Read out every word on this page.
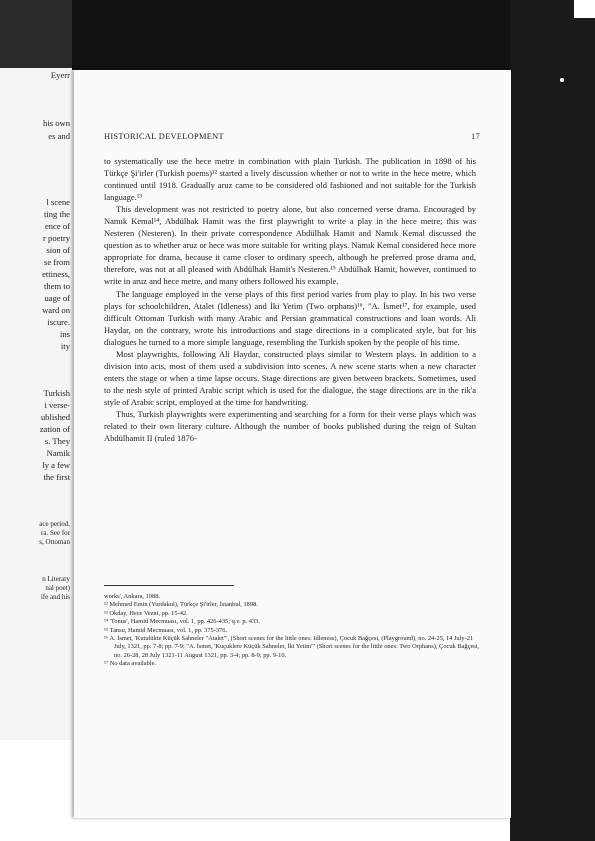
Eyerr
his own
es and
l scene
ting the
ence of
r poetry
sion of
se from
ettiness,
them to
uage of
ward on
iscure.
ins
ity
Turkish
i verse-
ublished
zation of
s. They
Namik
ly a few
the first
ace period,
ra. See for
s, Ottoman
n Literary
nal poet)
ife and his
HISTORICAL DEVELOPMENT	17

to systematically use the hece metre in combination with plain Turkish. The publication in 1898 of his Türkçe Şi'irler (Turkish poems)¹² started a lively discussion whether or not to write in the hece metre, which continued until 1918. Gradually aruz came to be considered old fashioned and not suitable for the Turkish language.¹³

This development was not restricted to poetry alone, but also concerned verse drama. Encouraged by Namık Kemal¹⁴, Abdülhak Hamit was the first playwright to write a play in the hece metre; this was Nesteren (Nesteren). In their private correspondence Abdülhak Hamit and Namık Kemal discussed the question as to whether aruz or hece was more suitable for writing plays. Namık Kemal considered hece more appropriate for drama, because it came closer to ordinary speech, although he preferred prose drama and, therefore, was not at all pleased with Abdülhak Hamit's Nesteren.¹⁵ Abdülhak Hamit, however, continued to write in aruz and hece metre, and many others followed his example.

The language employed in the verse plays of this first period varies from play to play. In his two verse plays for schoolchildren, Atalet (Idleness) and İki Yetim (Two orphans)¹⁶, "A. İsmet¹⁷, for example, used difficult Ottoman Turkish with many Arabic and Persian grammatical constructions and loan words. Ali Haydar, on the contrary, wrote his introductions and stage directions in a complicated style, but for his dialogues he turned to a more simple language, resembling the Turkish spoken by the people of his time.

Most playwrights, following Ali Haydar, constructed plays similar to Western plays. In addition to a division into acts, most of them used a subdivision into scenes. A new scene starts when a new character enters the stage or when a time lapse occurs. Stage directions are given between brackets. Sometimes, used to the nesh style of printed Arabic script which is used for the dialogue, the stage directions are in the rik'a style of Arabic script, employed at the time for handwriting.

Thus, Turkish playwrights were experimenting and searching for a form for their verse plays which was related to their own literary culture. Although the number of books published during the reign of Sultan Abdülhamit II (ruled 1876-

works', Ankara, 1988.

¹² Mehmed Emin (Yurdakul), Türkçe Şi'irler, İstanbul, 1898.

¹³ Okday, Hece Vezni, pp. 15-42.

¹⁴ 'Tonus', Hamid Mecmuası, vol. 1, pp. 426-435; q.v. p. 433.

¹⁵ Tansu, Hamid Mecmuası, vol. 1, pp. 375-376.

¹⁶ A. İsmet, 'Kutulükte Küçük Sahneler "Atalet"', (Short scenes for the little ones: Idleness), Çocuk Bağçesi, (Playground), no. 24-25, 14 July-21 July, 1321, pp. 7-8; pp. 7-9; "A. İsmet, 'Kuçuklere Küçük Sahneler, İki Yetim'" (Short scenes for the little ones: Two Orphans), Çocuk Bağçesi, no. 26-28, 28 July 1321-11 August 1321, pp. 3-4; pp. 8-9; pp. 9-10.

¹⁷ No data available.
